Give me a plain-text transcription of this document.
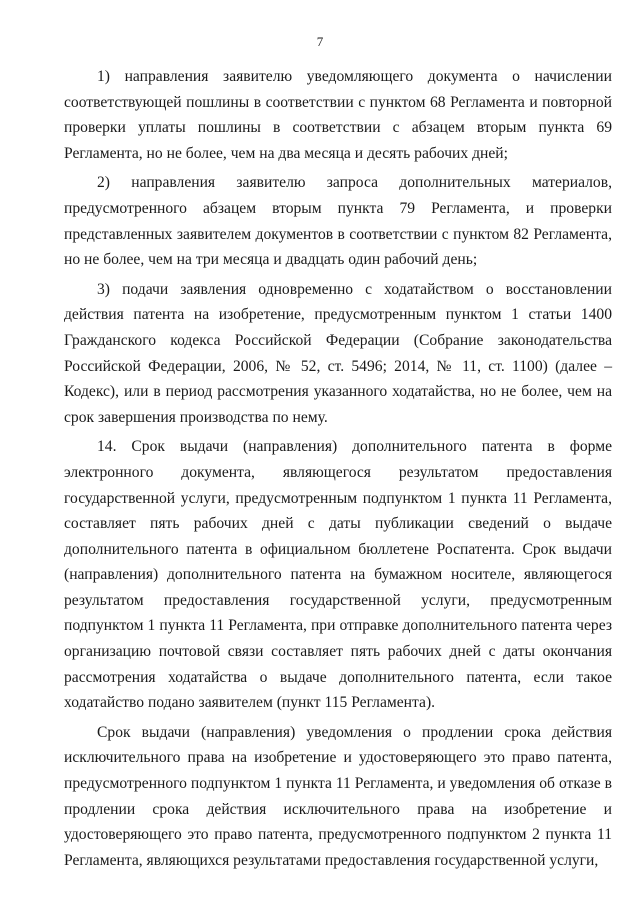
7

1) направления заявителю уведомляющего документа о начислении соответствующей пошлины в соответствии с пунктом 68 Регламента и повторной проверки уплаты пошлины в соответствии с абзацем вторым пункта 69 Регламента, но не более, чем на два месяца и десять рабочих дней;

2) направления заявителю запроса дополнительных материалов, предусмотренного абзацем вторым пункта 79 Регламента, и проверки представленных заявителем документов в соответствии с пунктом 82 Регламента, но не более, чем на три месяца и двадцать один рабочий день;

3) подачи заявления одновременно с ходатайством о восстановлении действия патента на изобретение, предусмотренным пунктом 1 статьи 1400 Гражданского кодекса Российской Федерации (Собрание законодательства Российской Федерации, 2006, № 52, ст. 5496; 2014, № 11, ст. 1100) (далее – Кодекс), или в период рассмотрения указанного ходатайства, но не более, чем на срок завершения производства по нему.

14. Срок выдачи (направления) дополнительного патента в форме электронного документа, являющегося результатом предоставления государственной услуги, предусмотренным подпунктом 1 пункта 11 Регламента, составляет пять рабочих дней с даты публикации сведений о выдаче дополнительного патента в официальном бюллетене Роспатента. Срок выдачи (направления) дополнительного патента на бумажном носителе, являющегося результатом предоставления государственной услуги, предусмотренным подпунктом 1 пункта 11 Регламента, при отправке дополнительного патента через организацию почтовой связи составляет пять рабочих дней с даты окончания рассмотрения ходатайства о выдаче дополнительного патента, если такое ходатайство подано заявителем (пункт 115 Регламента).

Срок выдачи (направления) уведомления о продлении срока действия исключительного права на изобретение и удостоверяющего это право патента, предусмотренного подпунктом 1 пункта 11 Регламента, и уведомления об отказе в продлении срока действия исключительного права на изобретение и удостоверяющего это право патента, предусмотренного подпунктом 2 пункта 11 Регламента, являющихся результатами предоставления государственной услуги,
